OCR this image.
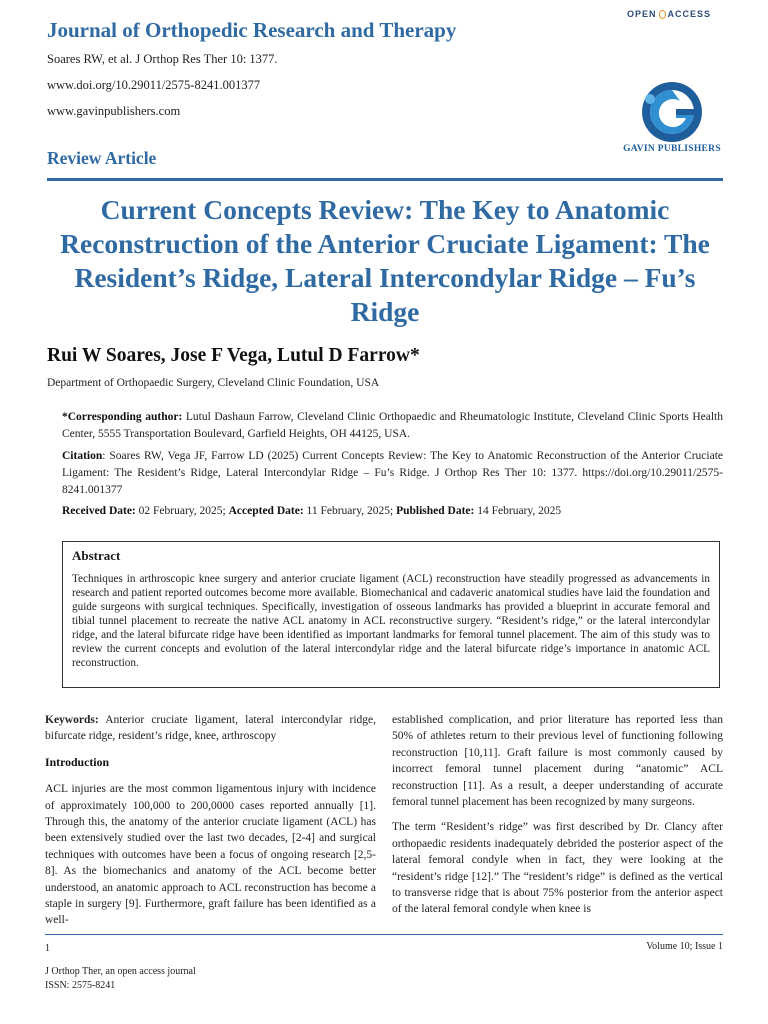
Journal of Orthopedic Research and Therapy
Soares RW, et al. J Orthop Res Ther 10: 1377.
www.doi.org/10.29011/2575-8241.001377
www.gavinpublishers.com
OPEN ACCESS
GAVIN PUBLISHERS
Review Article
Current Concepts Review: The Key to Anatomic Reconstruction of the Anterior Cruciate Ligament: The Resident’s Ridge, Lateral Intercondylar Ridge – Fu’s Ridge
Rui W Soares, Jose F Vega, Lutul D Farrow*
Department of Orthopaedic Surgery, Cleveland Clinic Foundation, USA
*Corresponding author: Lutul Dashaun Farrow, Cleveland Clinic Orthopaedic and Rheumatologic Institute, Cleveland Clinic Sports Health Center, 5555 Transportation Boulevard, Garfield Heights, OH 44125, USA.
Citation: Soares RW, Vega JF, Farrow LD (2025) Current Concepts Review: The Key to Anatomic Reconstruction of the Anterior Cruciate Ligament: The Resident’s Ridge, Lateral Intercondylar Ridge – Fu’s Ridge. J Orthop Res Ther 10: 1377. https://doi.org/10.29011/2575-8241.001377
Received Date: 02 February, 2025; Accepted Date: 11 February, 2025; Published Date: 14 February, 2025
Abstract
Techniques in arthroscopic knee surgery and anterior cruciate ligament (ACL) reconstruction have steadily progressed as advancements in research and patient reported outcomes become more available. Biomechanical and cadaveric anatomical studies have laid the foundation and guide surgeons with surgical techniques. Specifically, investigation of osseous landmarks has provided a blueprint in accurate femoral and tibial tunnel placement to recreate the native ACL anatomy in ACL reconstructive surgery. “Resident’s ridge,” or the lateral intercondylar ridge, and the lateral bifurcate ridge have been identified as important landmarks for femoral tunnel placement. The aim of this study was to review the current concepts and evolution of the lateral intercondylar ridge and the lateral bifurcate ridge’s importance in anatomic ACL reconstruction.

Keywords: Anterior cruciate ligament, lateral intercondylar ridge, bifurcate ridge, resident’s ridge, knee, arthroscopy

Introduction

ACL injuries are the most common ligamentous injury with incidence of approximately 100,000 to 200,0000 cases reported annually [1]. Through this, the anatomy of the anterior cruciate ligament (ACL) has been extensively studied over the last two decades, [2-4] and surgical techniques with outcomes have been a focus of ongoing research [2,5-8]. As the biomechanics and anatomy of the ACL become better understood, an anatomic approach to ACL reconstruction has become a staple in surgery [9]. Furthermore, graft failure has been identified as a well-

established complication, and prior literature has reported less than 50% of athletes return to their previous level of functioning following reconstruction [10,11]. Graft failure is most commonly caused by incorrect femoral tunnel placement during “anatomic” ACL reconstruction [11]. As a result, a deeper understanding of accurate femoral tunnel placement has been recognized by many surgeons.

The term “Resident’s ridge” was first described by Dr. Clancy after orthopaedic residents inadequately debrided the posterior aspect of the lateral femoral condyle when in fact, they were looking at the “resident’s ridge [12].” The “resident’s ridge” is defined as the vertical to transverse ridge that is about 75% posterior from the anterior aspect of the lateral femoral condyle when knee is

1	Volume 10; Issue 1
J Orthop Ther, an open access journal
ISSN: 2575-8241
